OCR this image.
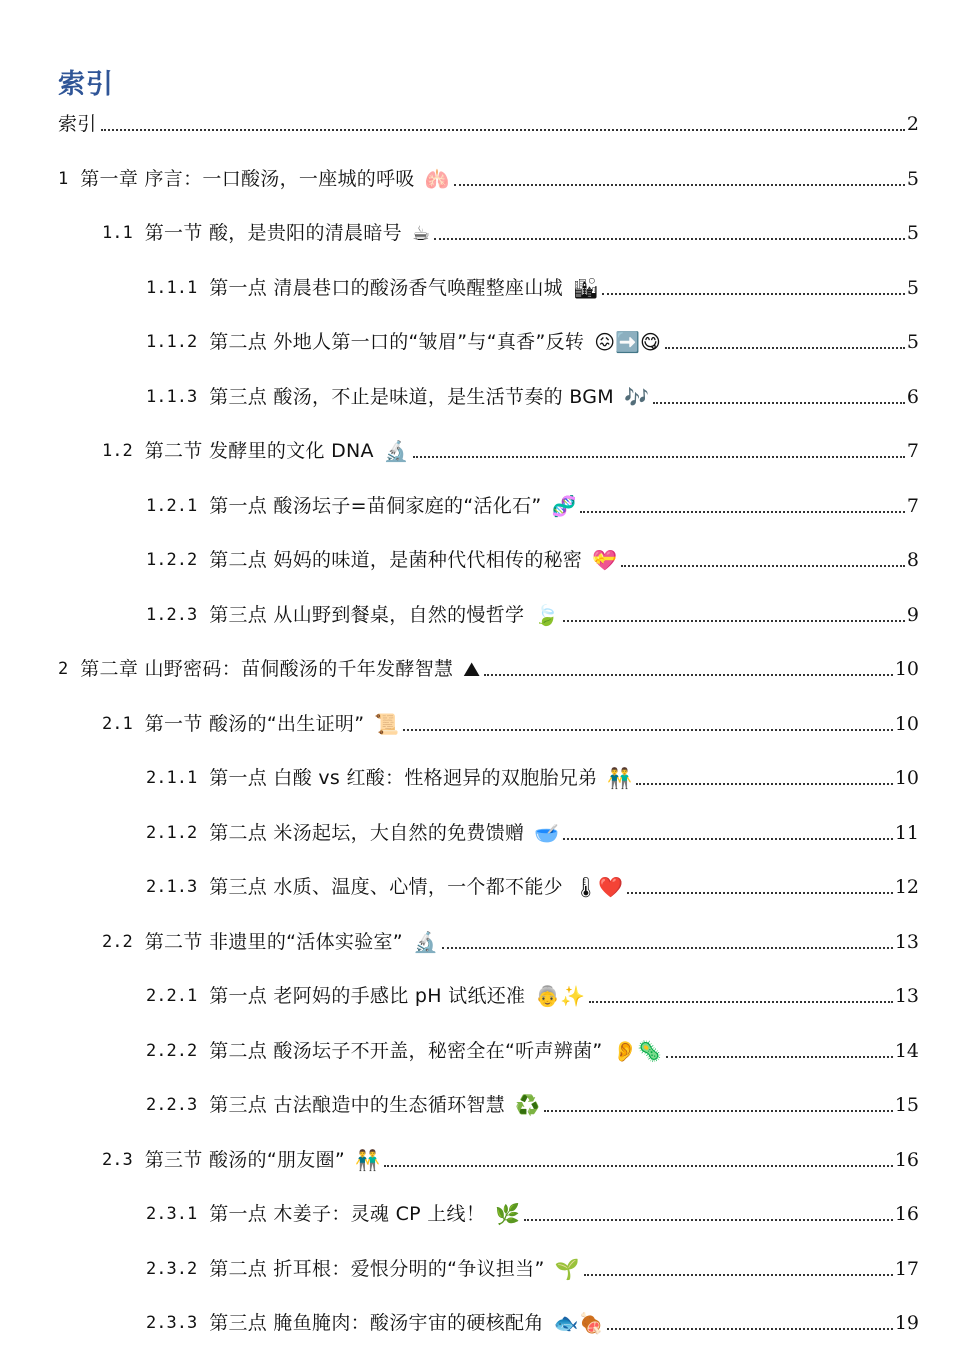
索引
索引	2
1 第一章 序言：一口酸汤，一座城的呼吸 🫁	5
1.1 第一节 酸，是贵阳的清晨暗号 ☕	5
1.1.1 第一点 清晨巷口的酸汤香气唤醒整座山城 🏙	5
1.1.2 第二点 外地人第一口的“皱眉”与“真香”反转 😖➡️😋	5
1.1.3 第三点 酸汤，不止是味道，是生活节奏的 BGM 🎶	6
1.2 第二节 发酵里的文化 DNA 🔬	7
1.2.1 第一点 酸汤坛子=苗侗家庭的“活化石” 🧬	7
1.2.2 第二点 妈妈的味道，是菌种代代相传的秘密 💝	8
1.2.3 第三点 从山野到餐桌，自然的慢哲学 🍃	9
2 第二章 山野密码：苗侗酸汤的千年发酵智慧 ⛰	10
2.1 第一节 酸汤的“出生证明” 📜	10
2.1.1 第一点 白酸 vs 红酸：性格迥异的双胞胎兄弟 👬	10
2.1.2 第二点 米汤起坛，大自然的免费馈赠 🥣	11
2.1.3 第三点 水质、温度、心情，一个都不能少 🌡❤️	12
2.2 第二节 非遗里的“活体实验室” 🔬	13
2.2.1 第一点 老阿妈的手感比 pH 试纸还准 👵✨	13
2.2.2 第二点 酸汤坛子不开盖，秘密全在“听声辨菌” 👂🦠	14
2.2.3 第三点 古法酿造中的生态循环智慧 ♻️	15
2.3 第三节 酸汤的“朋友圈” 👬	16
2.3.1 第一点 木姜子：灵魂 CP 上线！ 🌿	16
2.3.2 第二点 折耳根：爱恨分明的“争议担当” 🌱	17
2.3.3 第三点 腌鱼腌肉：酸汤宇宙的硬核配角 🐟🍖	19
